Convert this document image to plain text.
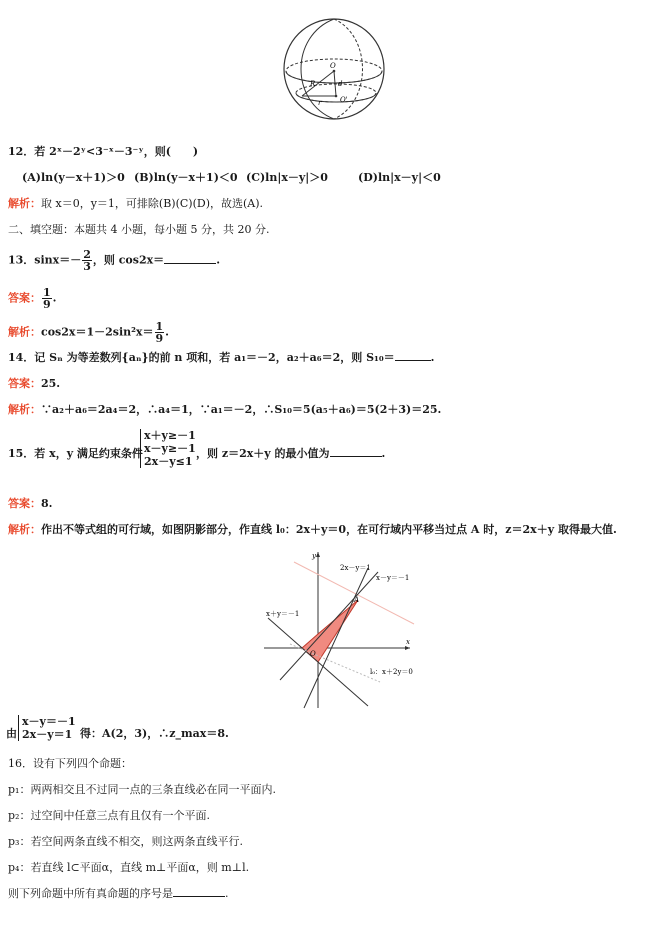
O
d
R
O'
r
12．若 2ˣ－2ʸ<3⁻ˣ－3⁻ʸ，则(　　)
(A)ln(y－x＋1)＞0 (B)ln(y－x＋1)＜0 (C)ln|x－y|＞0	(D)ln|x－y|＜0
解析：取 x＝0，y＝1，可排除(B)(C)(D)，故选(A).
二、填空题：本题共 4 小题，每小题 5 分，共 20 分.
13．$\sin x=- \frac{2}{3}$ ，则 cos2x＝	.
答案： $\frac{1}{9}$ .
解析：$\cos 2x=1-2\sin^2x= \frac{1}{9}$ .
14．记 Sₙ 为等差数列{aₙ}的前 n 项和，若 a₁＝－2，a₂＋a₆＝2，则 S₁₀＝	.
答案：25.
解析：∵a₂＋a₆＝2a₄＝2，∴a₄＝1，∵a₁＝－2，∴S₁₀＝5(a₅＋a₆)＝5(2＋3)＝25.
15．若 x，y 满足约束条件
x＋y≥－1
x－y≥－1
2x－y≤1
，则 z＝2x＋y 的最小值为	.
答案：8.
解析：作出不等式组的可行域，如图阴影部分，作直线 l₀：2x＋y＝0，在可行域内平移当过点 A 时，z＝2x＋y 取得最大值.
y
x
2x－y＝1
x－y＝－1
x＋y＝－1
l₀：x＋2y＝0
A
O
由
x－y＝－1
2x－y＝1 得：A(2，3)，∴z_max＝8.
16．设有下列四个命题：
p₁：两两相交且不过同一点的三条直线必在同一平面内.
p₂：过空间中任意三点有且仅有一个平面.
p₃：若空间两条直线不相交，则这两条直线平行.
p₄：若直线 l⊂平面α，直线 m⊥平面α，则 m⊥l.
则下列命题中所有真命题的序号是	.
